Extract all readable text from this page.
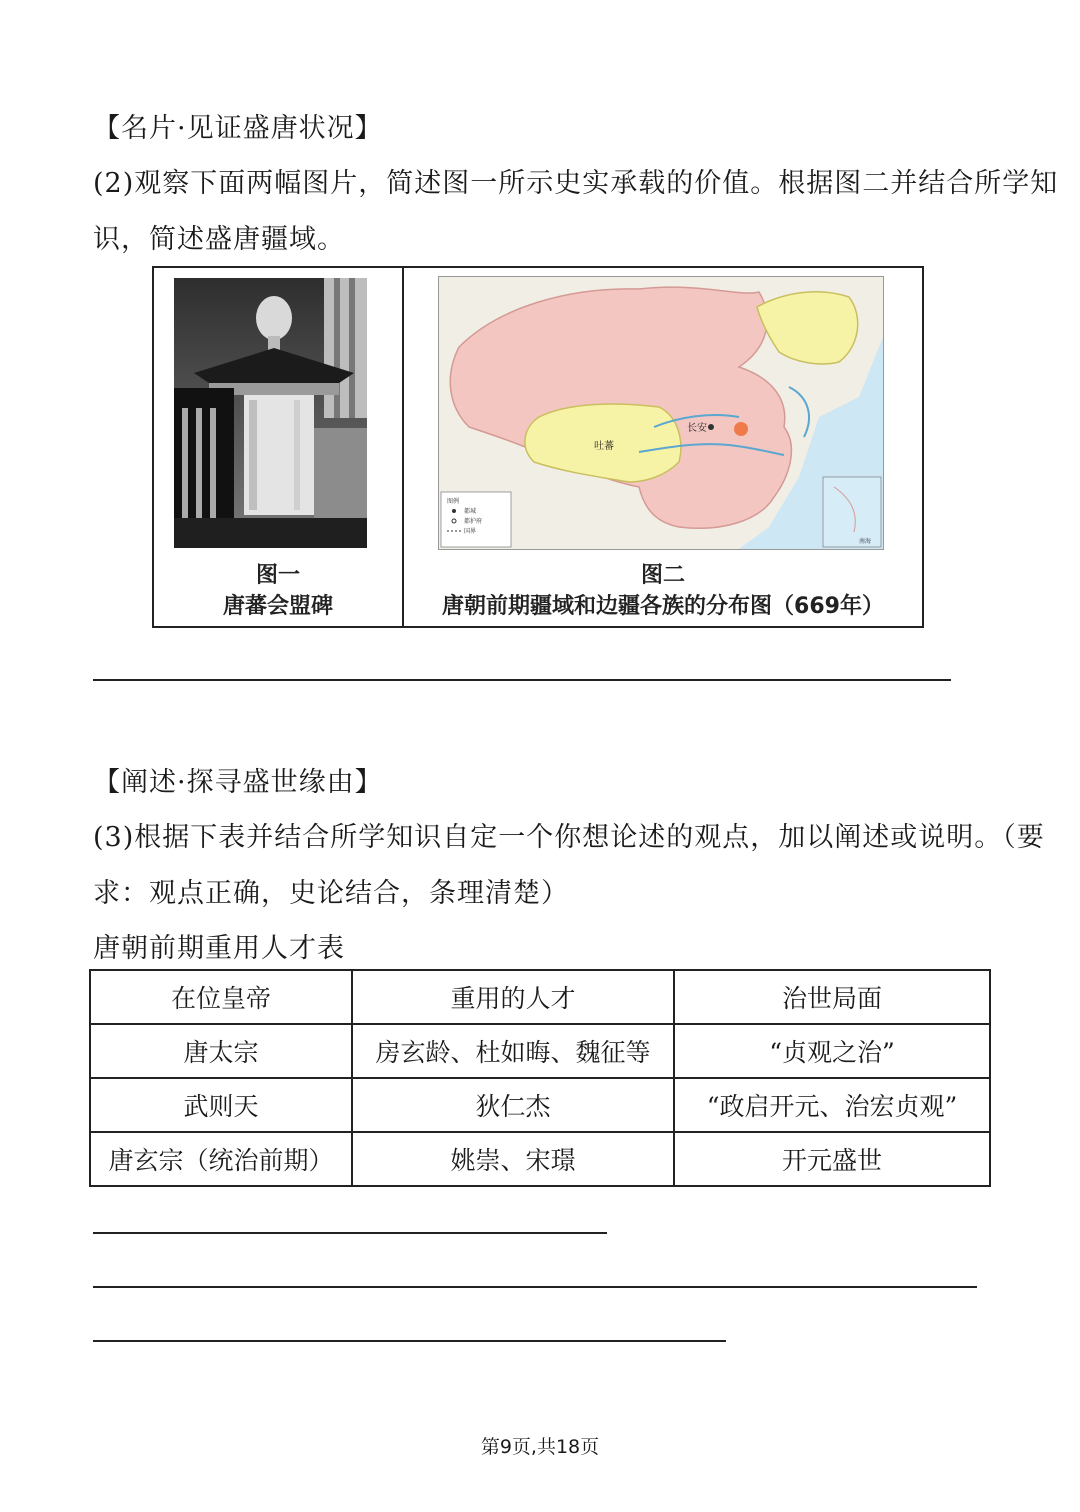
【名片·见证盛唐状况】
(2)观察下面两幅图片，简述图一所示史实承载的价值。根据图二并结合所学知
识，简述盛唐疆域。
长安
吐蕃
图例
都城
都护府
国界
南海
图一
唐蕃会盟碑
图二
唐朝前期疆域和边疆各族的分布图（669年）
【阐述·探寻盛世缘由】
(3)根据下表并结合所学知识自定一个你想论述的观点，加以阐述或说明。（要
求：观点正确，史论结合，条理清楚）
唐朝前期重用人才表
在位皇帝	重用的人才	治世局面
唐太宗	房玄龄、杜如晦、魏征等	“贞观之治”
武则天	狄仁杰	“政启开元、治宏贞观”
唐玄宗（统治前期）	姚崇、宋璟	开元盛世
第9页,共18页
